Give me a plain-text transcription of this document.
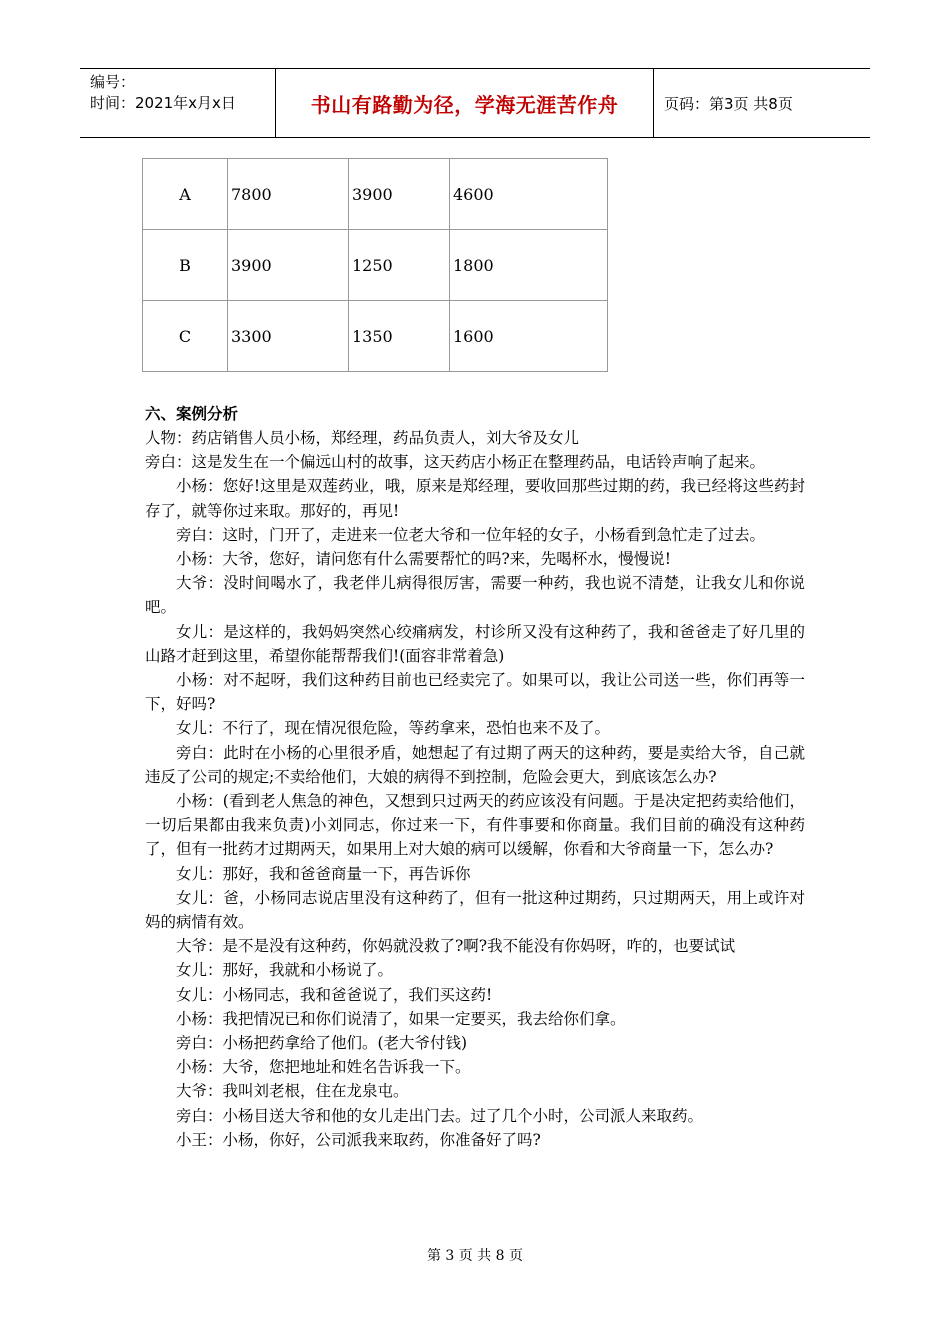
编号：
时间：2021年x月x日	书山有路勤为径，学海无涯苦作舟	页码：第3页 共8页
A	7800	3900	4600
B	3900	1250	1800
C	3300	1350	1600
六、案例分析

人物：药店销售人员小杨，郑经理，药品负责人，刘大爷及女儿

旁白：这是发生在一个偏远山村的故事，这天药店小杨正在整理药品，电话铃声响了起来。

小杨：您好!这里是双莲药业，哦，原来是郑经理，要收回那些过期的药，我已经将这些药封存了，就等你过来取。那好的，再见!

旁白：这时，门开了，走进来一位老大爷和一位年轻的女子，小杨看到急忙走了过去。

小杨：大爷，您好，请问您有什么需要帮忙的吗?来，先喝杯水，慢慢说!

大爷：没时间喝水了，我老伴儿病得很厉害，需要一种药，我也说不清楚，让我女儿和你说吧。

女儿：是这样的，我妈妈突然心绞痛病发，村诊所又没有这种药了，我和爸爸走了好几里的山路才赶到这里，希望你能帮帮我们!(面容非常着急)

小杨：对不起呀，我们这种药目前也已经卖完了。如果可以，我让公司送一些，你们再等一下，好吗?

女儿：不行了，现在情况很危险，等药拿来，恐怕也来不及了。

旁白：此时在小杨的心里很矛盾，她想起了有过期了两天的这种药，要是卖给大爷，自己就违反了公司的规定;不卖给他们，大娘的病得不到控制，危险会更大，到底该怎么办?

小杨：(看到老人焦急的神色，又想到只过两天的药应该没有问题。于是决定把药卖给他们，一切后果都由我来负责)小刘同志，你过来一下，有件事要和你商量。我们目前的确没有这种药了，但有一批药才过期两天，如果用上对大娘的病可以缓解，你看和大爷商量一下，怎么办?

女儿：那好，我和爸爸商量一下，再告诉你

女儿：爸，小杨同志说店里没有这种药了，但有一批这种过期药，只过期两天，用上或许对妈的病情有效。

大爷：是不是没有这种药，你妈就没救了?啊?我不能没有你妈呀，咋的，也要试试

女儿：那好，我就和小杨说了。

女儿：小杨同志，我和爸爸说了，我们买这药!

小杨：我把情况已和你们说清了，如果一定要买，我去给你们拿。

旁白：小杨把药拿给了他们。(老大爷付钱)

小杨：大爷，您把地址和姓名告诉我一下。

大爷：我叫刘老根，住在龙泉屯。

旁白：小杨目送大爷和他的女儿走出门去。过了几个小时，公司派人来取药。

小王：小杨，你好，公司派我来取药，你准备好了吗?

第 3 页 共 8 页
